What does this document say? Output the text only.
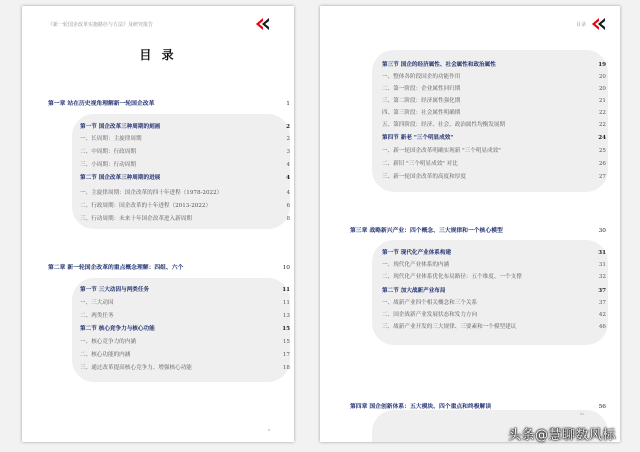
《新一轮国企改革实施路径与方法》及研究报告
目 录
第一章 站在历史视角理解新一轮国企改革	1
第一节 国企改革三种周期的刻画	2
一、长周期：主旋律周期	2
二、中周期：行政周期	3
三、小周期：行动周期	4
第二节 国企改革三种周期的进展	4
一、主旋律周期：国企改革的四十年进程（1978-2022）	4
二、行政周期：国企改革的十年进程（2013-2022）	6
三、行动周期：未来十年国企改革进入新周期	8
第二章 新一轮国企改革的重点概念理解：四组、六个	10
第一节 三大动因与两类任务	11
一、三大动因	11
二、两类任务	13
第二节 核心竞争力与核心功能	15
一、核心竞争力的内涵	15
二、核心功能的内涵	17
三、通过改革提高核心竞争力、增强核心功能	18
ii
目录
第三节 国企的经济属性、社会属性和政治属性	19
一、整体各阶段国企的功能作用	20
二、第一阶段：企业属性回归期	20
三、第二阶段：经济属性强化期	21
四、第三阶段：社会属性明确期	22
五、第四阶段：经济、社会、政治属性均衡发展期	22
第四节 新老 "三个明显成效"	24
一、新一轮国企改革明确实现新 "三个明显成效"	25
二、新旧 "三个明显成效" 对比	26
三、新一轮国企改革的高度和厚度	27
第三章 战略新兴产业：四个概念、三大规律和一个核心模型	30
第一节 现代化产业体系构建	31
一、现代化产业体系的内涵	31
二、现代化产业体系优化布局路径：五个维度、一个支撑	32
第二节 加大战新产业布局	37
一、战新产业四个相关概念和三个关系	37
二、国企战新产业发展状态和发力方向	42
三、战新产业开发的三大规律、三要素和一个模型建议	46
第四章 国企创新体系：五大模块、四个重点和终极解读	56
iii
头条@慧聊数风标
